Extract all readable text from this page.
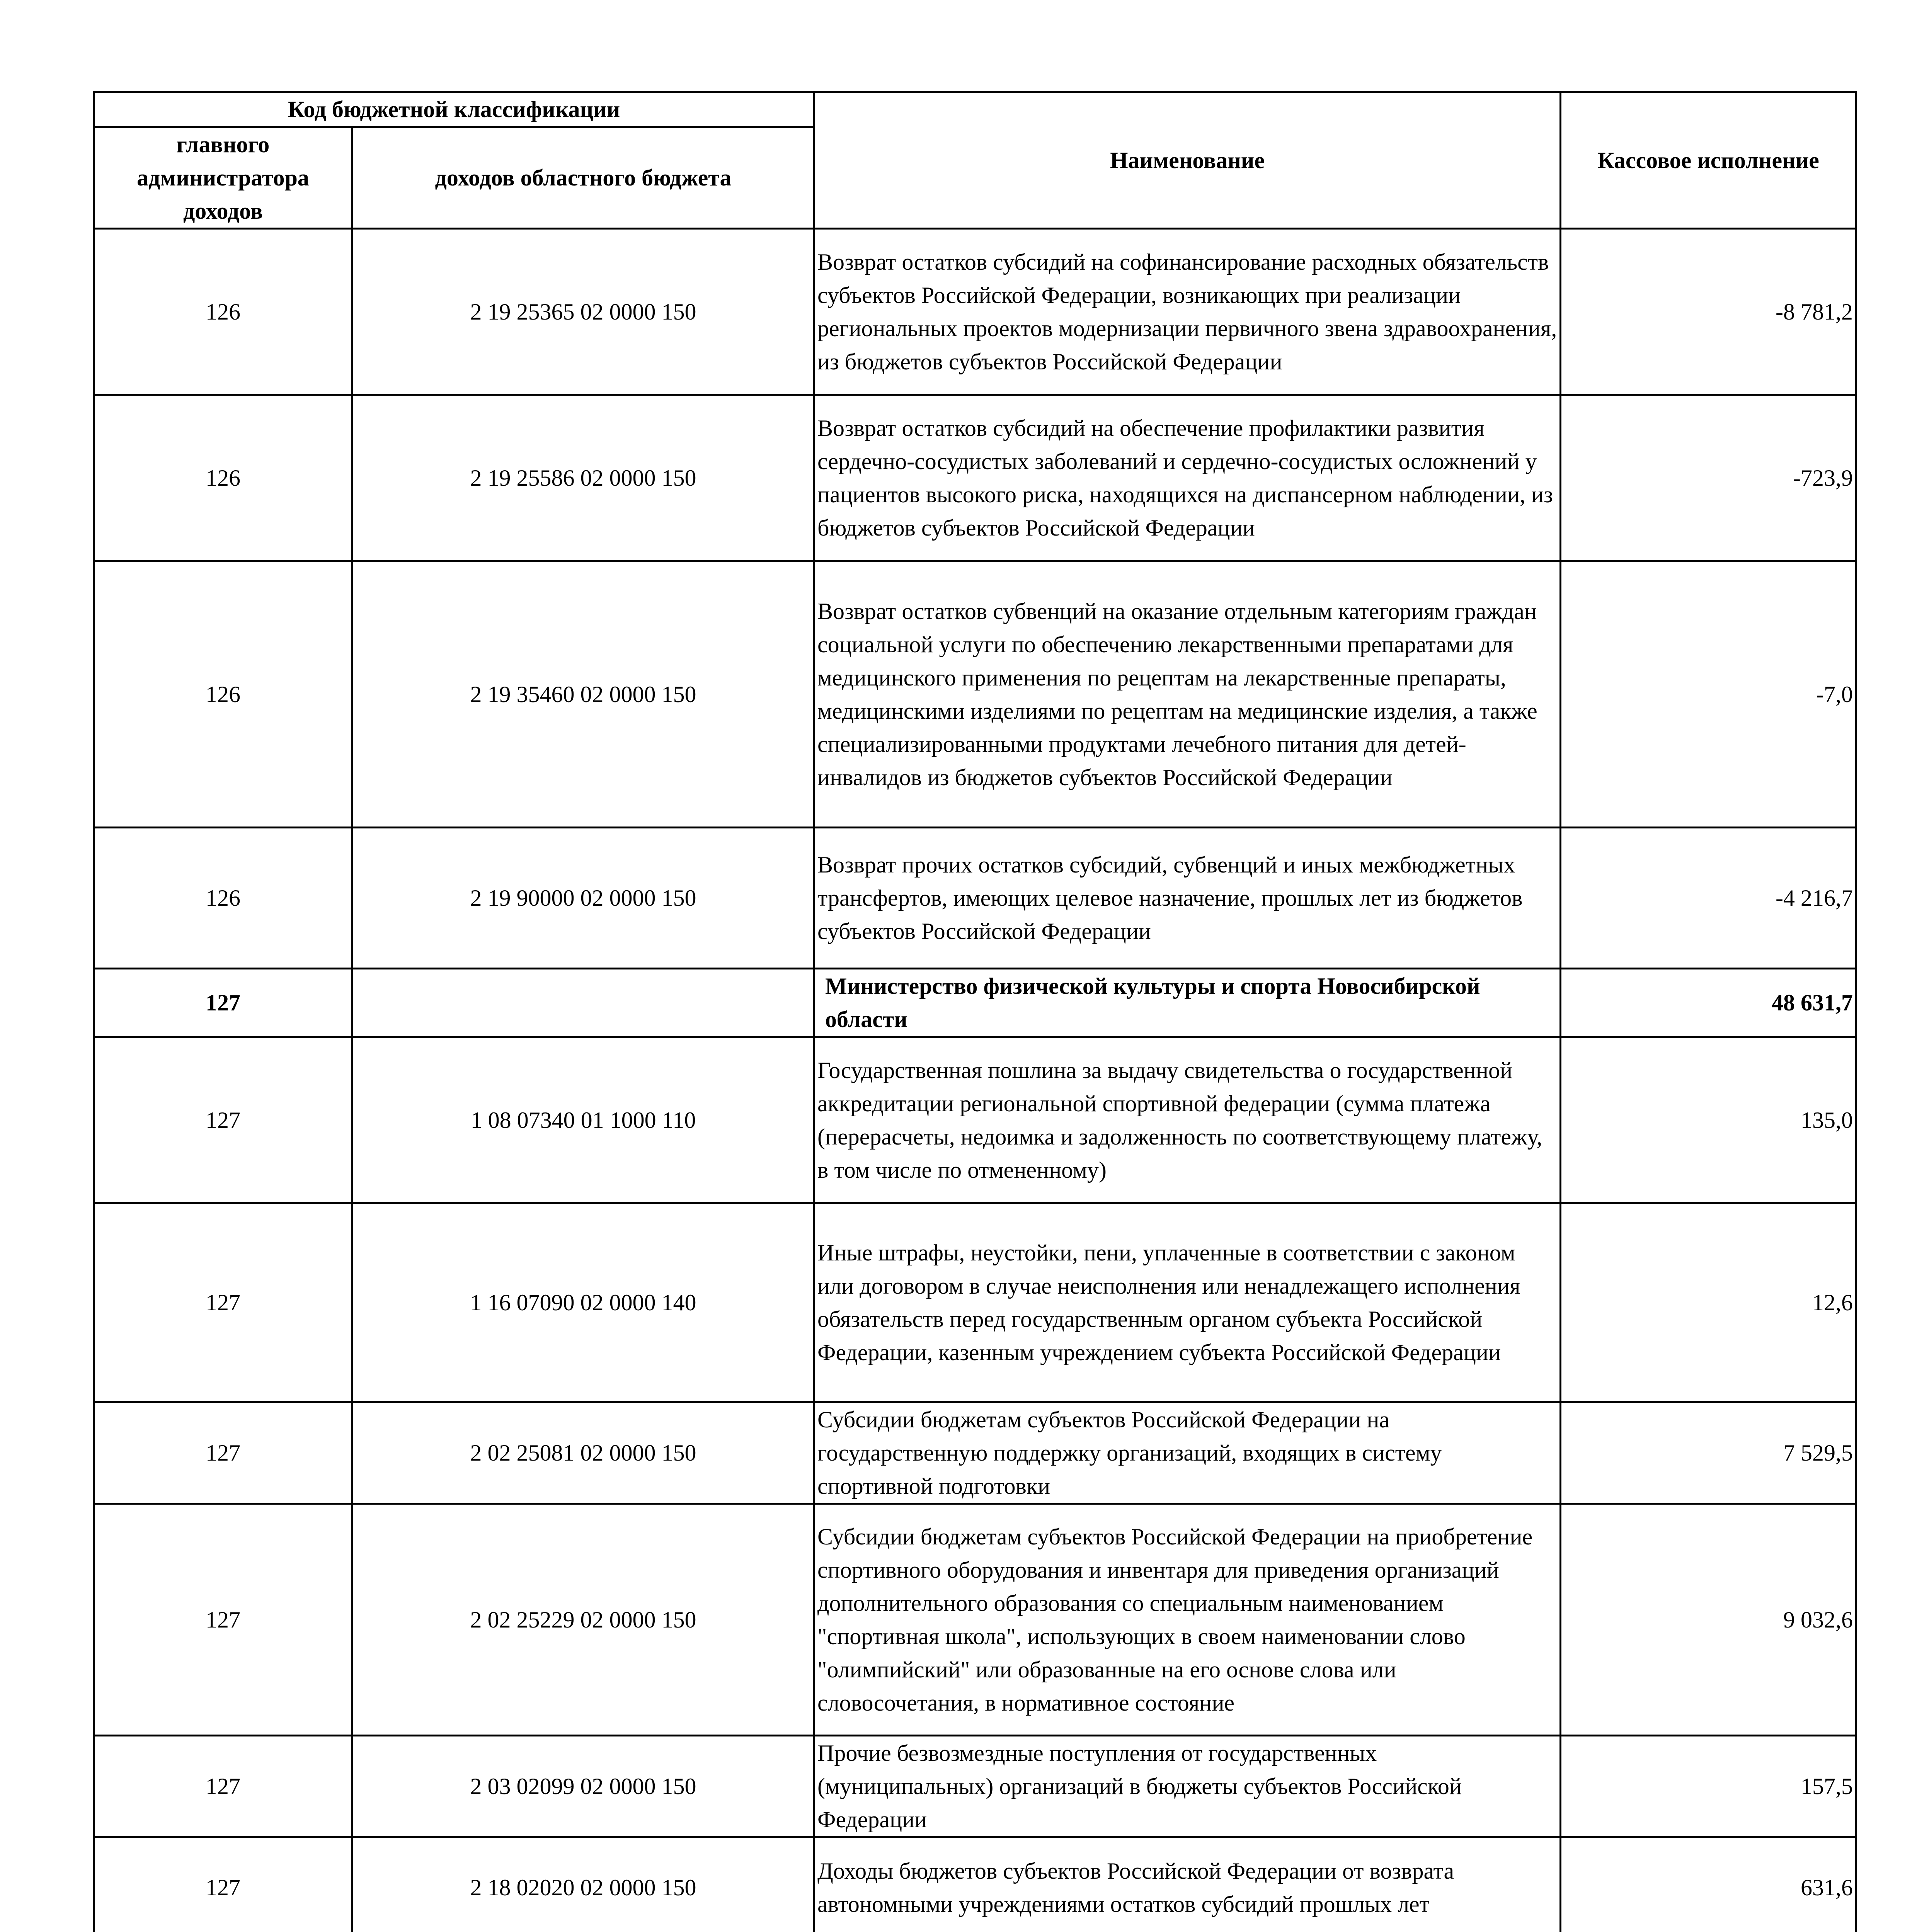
Код бюджетной классификации		Наименование	Кассовое исполнение
главного администратора доходов	доходов областного бюджета		
126	2 19 25365 02 0000 150	Возврат остатков субсидий на софинансирование расходных обязательств субъектов Российской Федерации, возникающих при реализации региональных проектов модернизации первичного звена здравоохранения, из бюджетов субъектов Российской Федерации	-8 781,2
126	2 19 25586 02 0000 150	Возврат остатков субсидий на обеспечение профилактики развития сердечно-сосудистых заболеваний и сердечно-сосудистых осложнений у пациентов высокого риска, находящихся на диспансерном наблюдении, из бюджетов субъектов Российской Федерации	-723,9
126	2 19 35460 02 0000 150	Возврат остатков субвенций на оказание отдельным категориям граждан социальной услуги по обеспечению лекарственными препаратами для медицинского применения по рецептам на лекарственные препараты, медицинскими изделиями по рецептам на медицинские изделия, а также специализированными продуктами лечебного питания для детей-инвалидов из бюджетов субъектов Российской Федерации	-7,0
126	2 19 90000 02 0000 150	Возврат прочих остатков субсидий, субвенций и иных межбюджетных трансфертов, имеющих целевое назначение, прошлых лет из бюджетов субъектов Российской Федерации	-4 216,7
127		Министерство физической культуры и спорта Новосибирской области	48 631,7
127	1 08 07340 01 1000 110	Государственная пошлина за выдачу свидетельства о государственной аккредитации региональной спортивной федерации (сумма платежа (перерасчеты, недоимка и задолженность по соответствующему платежу, в том числе по отмененному)	135,0
127	1 16 07090 02 0000 140	Иные штрафы, неустойки, пени, уплаченные в соответствии с законом или договором в случае неисполнения или ненадлежащего исполнения обязательств перед государственным органом субъекта Российской Федерации, казенным учреждением субъекта Российской Федерации	12,6
127	2 02 25081 02 0000 150	Субсидии бюджетам субъектов Российской Федерации на государственную поддержку организаций, входящих в систему спортивной подготовки	7 529,5
127	2 02 25229 02 0000 150	Субсидии бюджетам субъектов Российской Федерации на приобретение спортивного оборудования и инвентаря для приведения организаций дополнительного образования со специальным наименованием "спортивная школа", использующих в своем наименовании слово "олимпийский" или образованные на его основе слова или словосочетания, в нормативное состояние	9 032,6
127	2 03 02099 02 0000 150	Прочие безвозмездные поступления от государственных (муниципальных) организаций в бюджеты субъектов Российской Федерации	157,5
127	2 18 02020 02 0000 150	Доходы бюджетов субъектов Российской Федерации от возврата автономными учреждениями остатков субсидий прошлых лет	631,6
